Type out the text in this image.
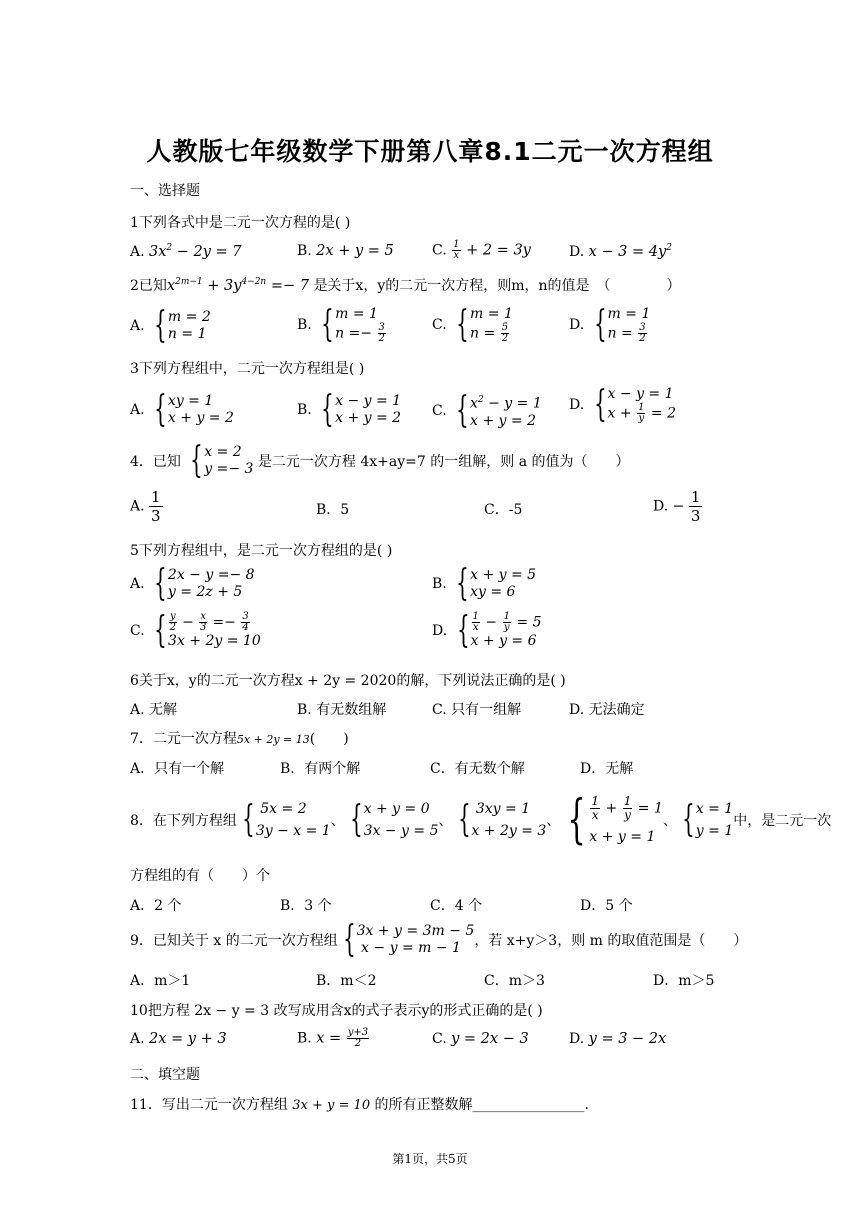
人教版七年级数学下册第八章8.1二元一次方程组
一、选择题
1下列各式中是二元一次方程的是( )
A. $3x^2 - 2y = 7$	B. 2x + y = 5	C. $\frac{1}{x} + 2 = 3y$	D. $x - 3 = 4y^2$
2已知$x^{2m-1} + 3y^{4-2n} =- 7$ 是关于x，y的二元一次方程，则m，n的值是　（　　　　）
A. { m = 2
n = 1
B. { m = 1
$n =- \frac{3}{2}$	C. { m = 1
$n = \frac{5}{2}$	D. { m = 1
$n = \frac{3}{2}$
3下列方程组中，二元一次方程组是( )
A. { xy = 1
x + y = 2	B. { x − y = 1
x + y = 2 C. { $x^2 - y = 1$
x + y = 2
D. { x − y = 1
$x + \frac{1}{y} = 2$
4．已知 { x = 2
y =− 3 是二元一次方程 4x+ay=7 的一组解，则 a 的值为（　　）
A. $\frac{1}{3}$	B．5	C．-5	D. − $\frac{1}{3}$
5下列方程组中，是二元一次方程组的是( )
A. { 2x − y =− 8
y = 2z + 5	B. { x + y = 5
xy = 6
C. { $\frac{y}{2} - \frac{x}{3} =- \frac{3}{4}$
3x + 2y = 10
D. { $\frac{1}{x} - \frac{1}{y} = 5$
x + y = 6
6关于x，y的二元一次方程x + 2y = 2020的解，下列说法正确的是( )
A. 无解	B. 有无数组解	C. 只有一组解	D. 无法确定
7．二元一次方程5x + 2y = 13(　　)
A．只有一个解	B．有两个解	C．有无数个解	D．无解
8．在下列方程组 { 5x = 2
3y − x = 1
、 { x + y = 0
3x − y = 5
、 { 3xy = 1
x + 2y = 3
、 { $\frac{1}{x} + \frac{1}{y} = 1$
x + y = 1
、 { x = 1
y = 1
中，是二元一次
方程组的有（　　）个
A．2 个	B．3 个	C．4 个	D．5 个
9．已知关于 x 的二元一次方程组 { 3x + y = 3m − 5
x − y = m − 1 ，若 x+y＞3，则 m 的取值范围是（　　）
A．m＞1	B．m＜2	C．m＞3	D．m＞5
10把方程 2x − y = 3 改写成用含x的式子表示y的形式正确的是( )
A. 2x = y + 3	B. $x = \frac{y+3}{2}$	C. y = 2x − 3	D. y = 3 − 2x
二、填空题
11．写出二元一次方程组 3x + y = 10 的所有正整数解________________.
第1页，共5页
